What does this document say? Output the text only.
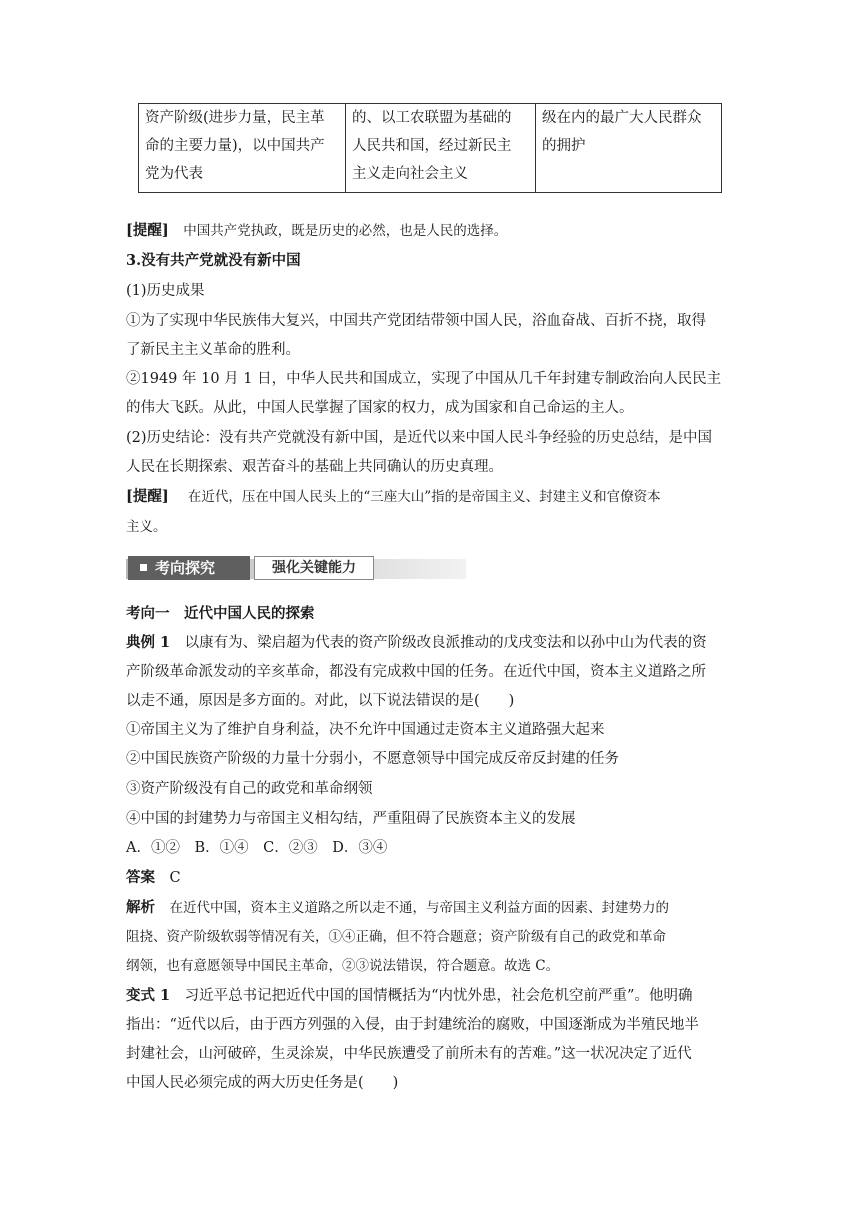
资产阶级(进步力量，民主革
命的主要力量)，以中国共产
党为代表
的、以工农联盟为基础的
人民共和国，经过新民主
主义走向社会主义
级在内的最广大人民群众
的拥护
[提醒]　 中国共产党执政，既是历史的必然，也是人民的选择。
3.没有共产党就没有新中国
(1)历史成果
①为了实现中华民族伟大复兴，中国共产党团结带领中国人民，浴血奋战、百折不挠，取得
了新民主主义革命的胜利。
②1949 年 10 月 1 日，中华人民共和国成立，实现了中国从几千年封建专制政治向人民民主
的伟大飞跃。从此，中国人民掌握了国家的权力，成为国家和自己命运的主人。
(2)历史结论：没有共产党就没有新中国，是近代以来中国人民斗争经验的历史总结，是中国
人民在长期探索、艰苦奋斗的基础上共同确认的历史真理。
[提醒]　 在近代，压在中国人民头上的“三座大山”指的是帝国主义、封建主义和官僚资本
主义。
考向探究	强化关键能力
考向一　近代中国人民的探索
典例 1　 以康有为、梁启超为代表的资产阶级改良派推动的戊戌变法和以孙中山为代表的资
产阶级革命派发动的辛亥革命，都没有完成救中国的任务。在近代中国，资本主义道路之所
以走不通，原因是多方面的。对此，以下说法错误的是(　　)
①帝国主义为了维护自身利益，决不允许中国通过走资本主义道路强大起来
②中国民族资产阶级的力量十分弱小，不愿意领导中国完成反帝反封建的任务
③资产阶级没有自己的政党和革命纲领
④中国的封建势力与帝国主义相勾结，严重阻碍了民族资本主义的发展
A．①②　B．①④　C．②③　D．③④
答案　 C
解析　 在近代中国，资本主义道路之所以走不通，与帝国主义利益方面的因素、封建势力的
阻挠、资产阶级软弱等情况有关，①④正确，但不符合题意；资产阶级有自己的政党和革命
纲领，也有意愿领导中国民主革命，②③说法错误，符合题意。故选 C。
变式 1　 习近平总书记把近代中国的国情概括为“内忧外患，社会危机空前严重”。他明确
指出：“近代以后，由于西方列强的入侵，由于封建统治的腐败，中国逐渐成为半殖民地半
封建社会，山河破碎，生灵涂炭，中华民族遭受了前所未有的苦难。”这一状况决定了近代
中国人民必须完成的两大历史任务是(　　)
